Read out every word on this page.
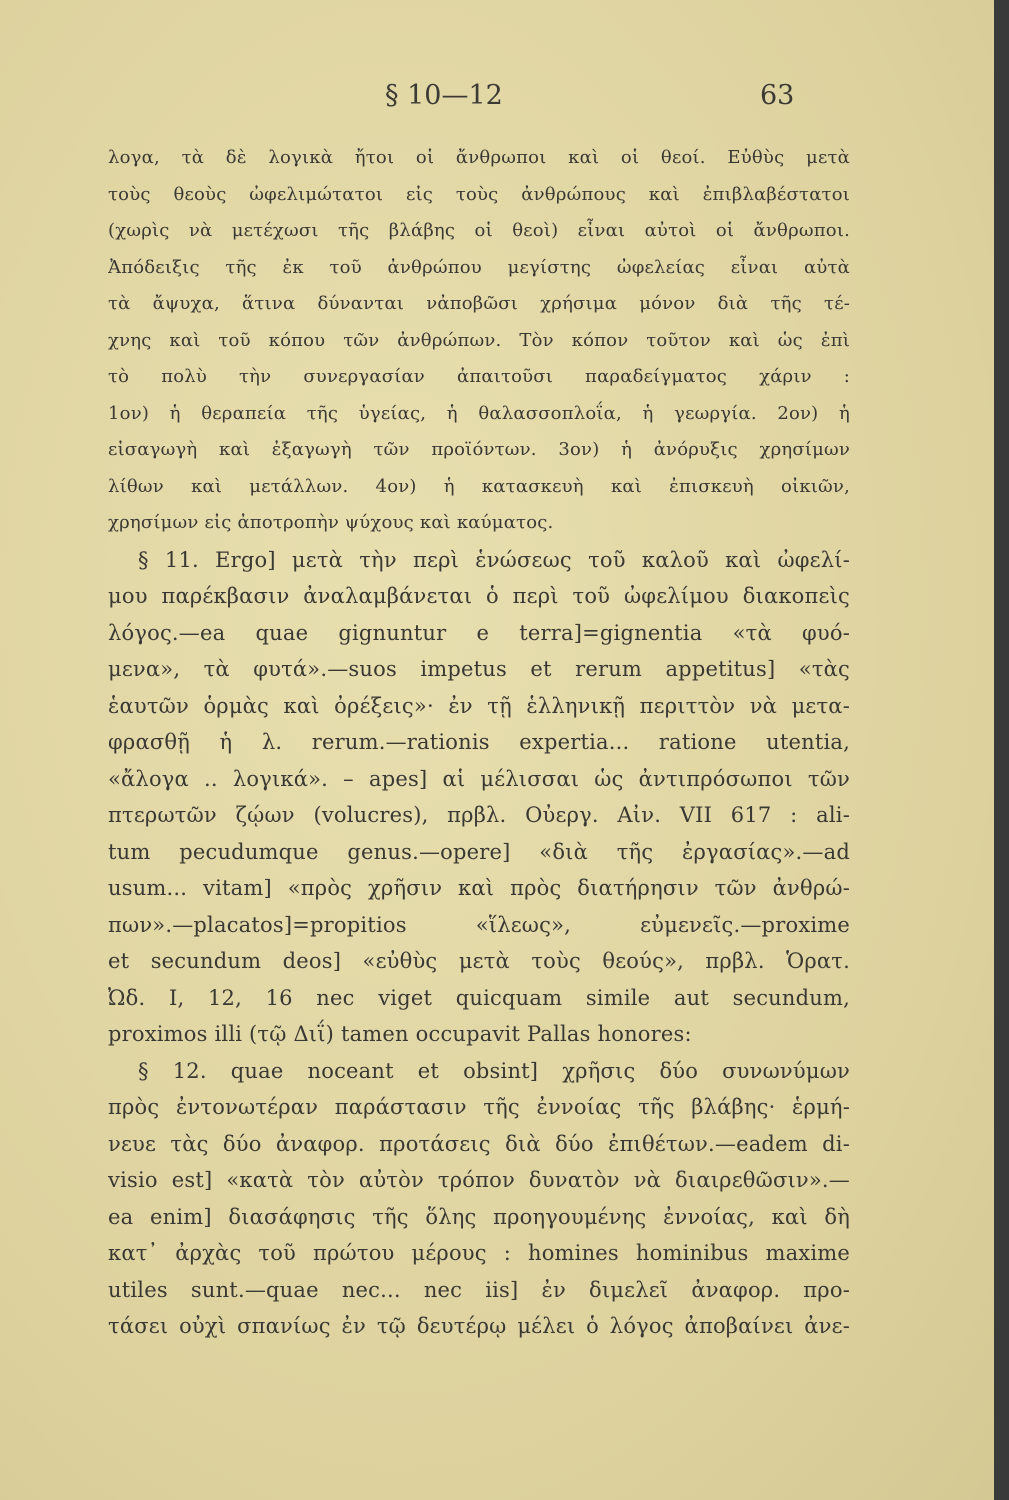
§ 10—12	63
λογα, τὰ δὲ λογικὰ ἤτοι οἱ ἄνθρωποι καὶ οἱ θεοί. Εὐθὺς μετὰ
τοὺς θεοὺς ὠφελιμώτατοι εἰς τοὺς ἀνθρώπους καὶ ἐπιβλαβέστατοι
(χωρὶς νὰ μετέχωσι τῆς βλάβης οἱ θεοὶ) εἶναι αὐτοὶ οἱ ἄνθρωποι.
Ἀπόδειξις τῆς ἐκ τοῦ ἀνθρώπου μεγίστης ὠφελείας εἶναι αὐτὰ
τὰ ἄψυχα, ἅτινα δύνανται νἀποβῶσι χρήσιμα μόνον διὰ τῆς τέ-
χνης καὶ τοῦ κόπου τῶν ἀνθρώπων. Τὸν κόπον τοῦτον καὶ ὡς ἐπὶ
τὸ πολὺ τὴν συνεργασίαν ἀπαιτοῦσι παραδείγματος χάριν :
1ον) ἡ θεραπεία τῆς ὑγείας, ἡ θαλασσοπλοΐα, ἡ γεωργία. 2ον) ἡ
εἰσαγωγὴ καὶ ἐξαγωγὴ τῶν προϊόντων. 3ον) ἡ ἀνόρυξις χρησίμων
λίθων καὶ μετάλλων. 4ον) ἡ κατασκευὴ καὶ ἐπισκευὴ οἰκιῶν,
χρησίμων εἰς ἀποτροπὴν ψύχους καὶ καύματος.
§ 11. Ergo] μετὰ τὴν περὶ ἑνώσεως τοῦ καλοῦ καὶ ὠφελί-
μου παρέκβασιν ἀναλαμβάνεται ὁ περὶ τοῦ ὠφελίμου διακοπεὶς
λόγος.—ea quae gignuntur e terra]=gignentia «τὰ φυό-
μενα», τὰ φυτά».—suos impetus et rerum appetitus] «τὰς
ἑαυτῶν ὁρμὰς καὶ ὀρέξεις»· ἐν τῇ ἑλληνικῇ περιττὸν νὰ μετα-
φρασθῇ ἡ λ. rerum.—rationis expertia... ratione utentia,
«ἄλογα .. λογικά». – apes] αἱ μέλισσαι ὡς ἀντιπρόσωποι τῶν
πτερωτῶν ζῴων (volucres), πρβλ. Οὐεργ. Αἰν. VII 617 : ali-
tum pecudumque genus.—opere] «διὰ τῆς ἐργασίας».—ad
usum... vitam] «πρὸς χρῆσιν καὶ πρὸς διατήρησιν τῶν ἀνθρώ-
πων».—placatos]=propitios «ἵλεως», εὐμενεῖς.—proxime
et secundum deos] «εὐθὺς μετὰ τοὺς θεούς», πρβλ. Ὁρατ.
Ὠδ. I, 12, 16 nec viget quicquam simile aut secundum,
proximos illi (τῷ Διΐ) tamen occupavit Pallas honores:
§ 12. quae noceant et obsint] χρῆσις δύο συνωνύμων
πρὸς ἐντονωτέραν παράστασιν τῆς ἐννοίας τῆς βλάβης· ἑρμή-
νευε τὰς δύο ἀναφορ. προτάσεις διὰ δύο ἐπιθέτων.—eadem di-
visio est] «κατὰ τὸν αὐτὸν τρόπον δυνατὸν νὰ διαιρεθῶσιν».—
ea enim] διασάφησις τῆς ὅλης προηγουμένης ἐννοίας, καὶ δὴ
κατ᾽ ἀρχὰς τοῦ πρώτου μέρους : homines hominibus maxime
utiles sunt.—quae nec... nec iis] ἐν διμελεῖ ἀναφορ. προ-
τάσει οὐχὶ σπανίως ἐν τῷ δευτέρῳ μέλει ὁ λόγος ἀποβαίνει ἀνε-
